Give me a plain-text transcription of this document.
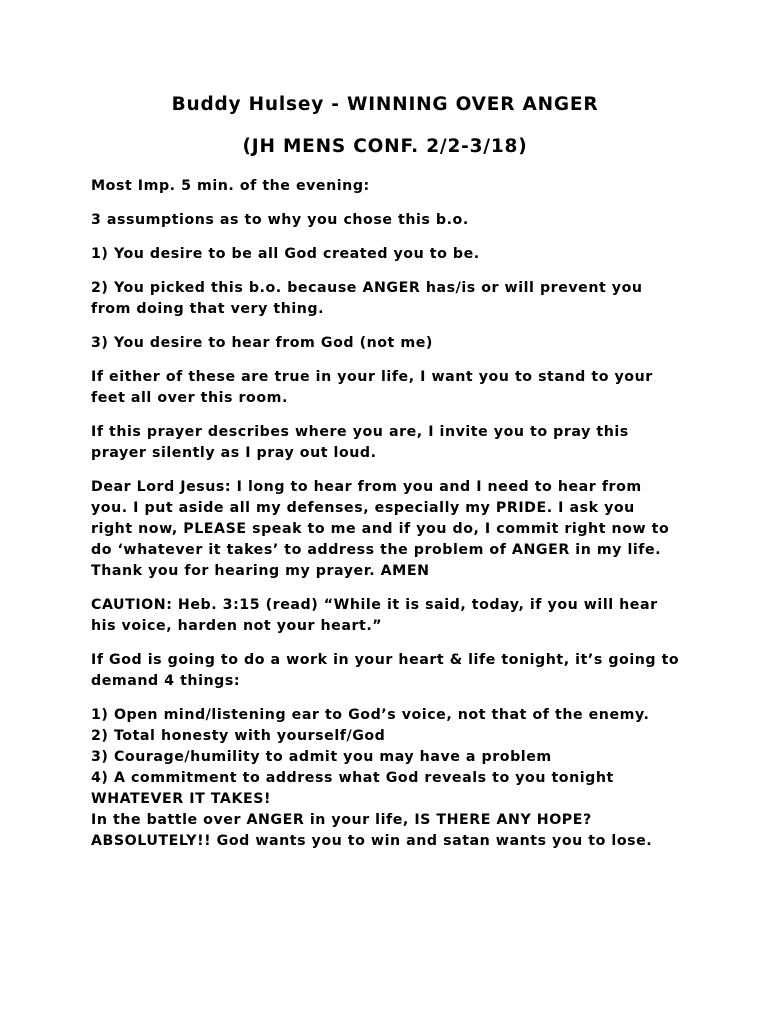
Buddy Hulsey - WINNING OVER ANGER
(JH MENS CONF. 2/2-3/18)

Most Imp. 5 min. of the evening:

3 assumptions as to why you chose this b.o.

1) You desire to be all God created you to be.

2) You picked this b.o. because ANGER has/is or will prevent you from doing that very thing.

3) You desire to hear from God (not me)

If either of these are true in your life, I want you to stand to your feet all over this room.

If this prayer describes where you are, I invite you to pray this prayer silently as I pray out loud.

Dear Lord Jesus: I long to hear from you and I need to hear from you. I put aside all my defenses, especially my PRIDE. I ask you right now, PLEASE speak to me and if you do, I commit right now to do ‘whatever it takes’ to address the problem of ANGER in my life. Thank you for hearing my prayer. AMEN

CAUTION: Heb. 3:15 (read) “While it is said, today, if you will hear his voice, harden not your heart.”

If God is going to do a work in your heart & life tonight, it’s going to demand 4 things:

1) Open mind/listening ear to God’s voice, not that of the enemy.

2) Total honesty with yourself/God

3) Courage/humility to admit you may have a problem

4) A commitment to address what God reveals to you tonight WHATEVER IT TAKES!

In the battle over ANGER in your life, IS THERE ANY HOPE? ABSOLUTELY!! God wants you to win and satan wants you to lose.
